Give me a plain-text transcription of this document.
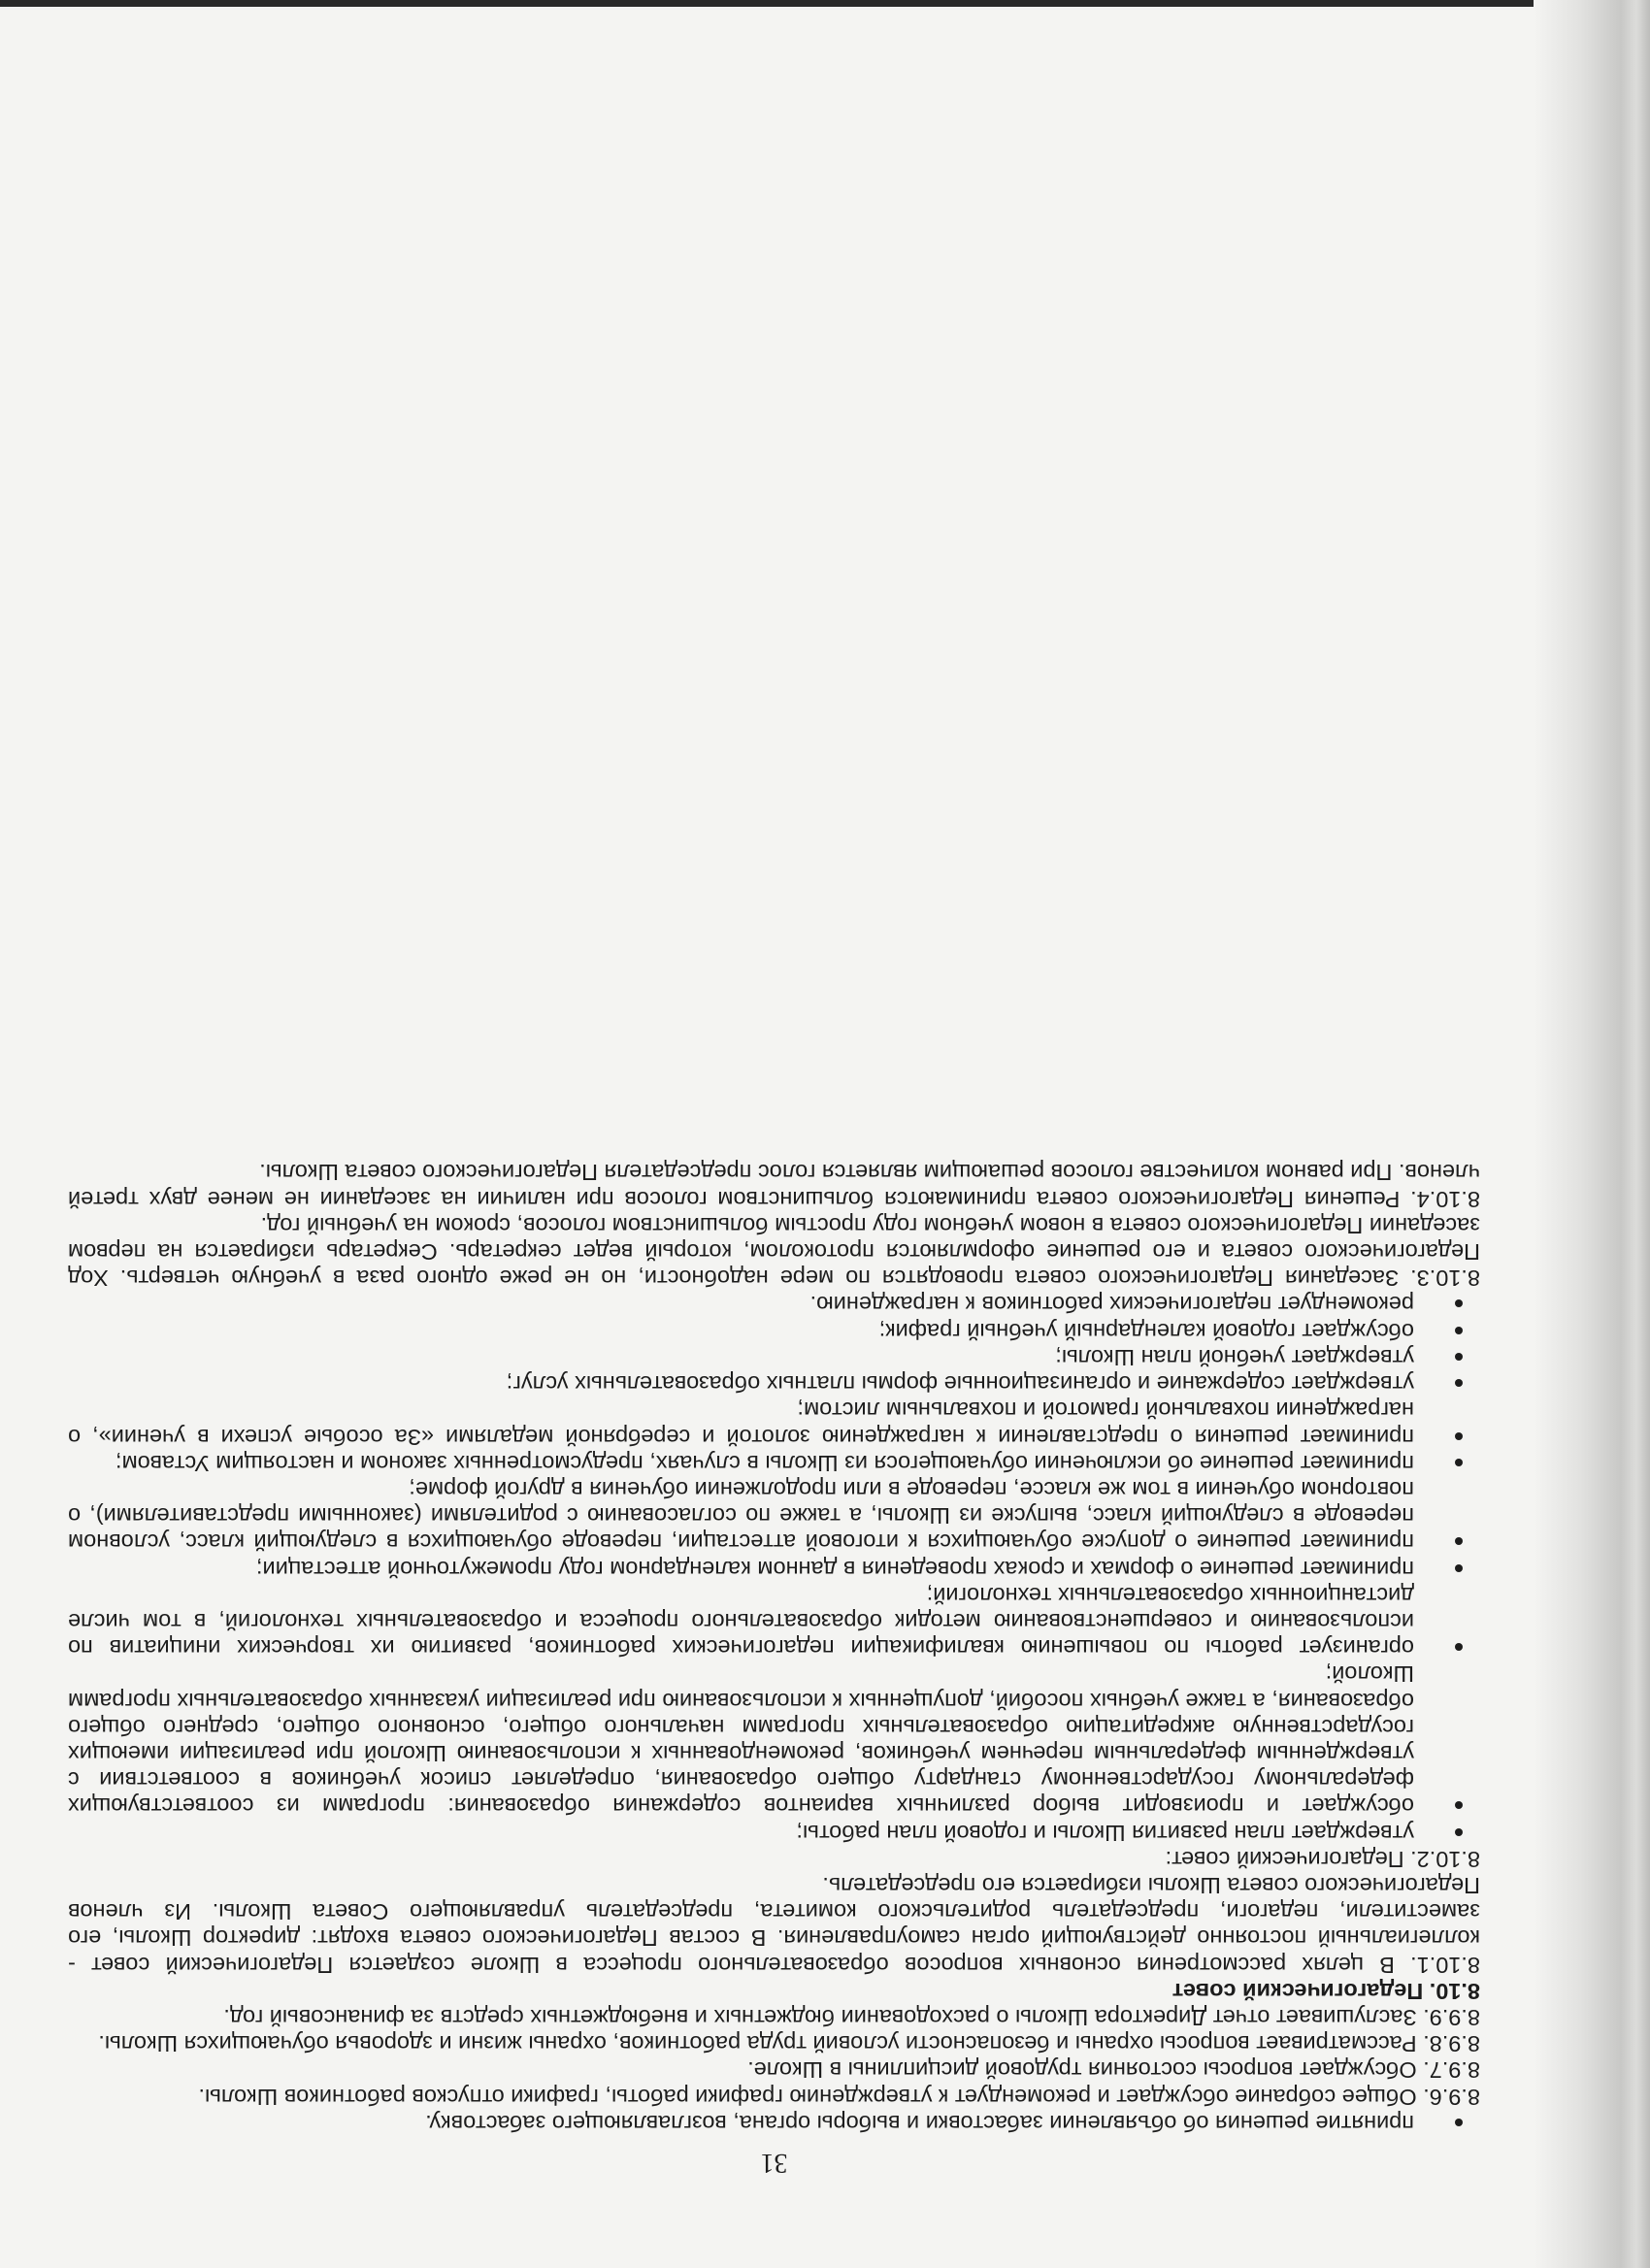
31
принятие решения об объявлении забастовки и выборы органа, возглавляющего забастовку.

8.9.6. Общее собрание обсуждает и рекомендует к утверждению графики работы, графики отпусков работников Школы.

8.9.7. Обсуждает вопросы состояния трудовой дисциплины в Школе.

8.9.8. Рассматривает вопросы охраны и безопасности условий труда работников, охраны жизни и здоровья обучающихся Школы.

8.9.9. Заслушивает отчет Директора Школы о расходовании бюджетных и внебюджетных средств за финансовый год.

8.10. Педагогический совет

8.10.1. В целях рассмотрения основных вопросов образовательного процесса в Школе создается Педагогический совет - коллегиальный постоянно действующий орган самоуправления. В состав Педагогического совета входят: директор Школы, его заместители, педагоги, председатель родительского комитета, председатель управляющего Совета Школы. Из членов Педагогического совета Школы избирается его председатель.

8.10.2. Педагогический совет:

утверждает план развития Школы и годовой план работы;
обсуждает и производит выбор различных вариантов содержания образования: программ из соответствующих федеральному государственному стандарту общего образования, определяет список учебников в соответствии с утвержденным федеральным перечнем учебников, рекомендованных к использованию Школой при реализации имеющих государственную аккредитацию образовательных программ начального общего, основного общего, среднего общего образования, а также учебных пособий, допущенных к использованию при реализации указанных образовательных программ Школой;
организует работы по повышению квалификации педагогических работников, развитию их творческих инициатив по использованию и совершенствованию методик образовательного процесса и образовательных технологий, в том числе дистанционных образовательных технологий;
принимает решение о формах и сроках проведения в данном календарном году промежуточной аттестации;
принимает решение о допуске обучающихся к итоговой аттестации, переводе обучающихся в следующий класс, условном переводе в следующий класс, выпуске из Школы, а также по согласованию с родителями (законными представителями), о повторном обучении в том же классе, переводе в или продолжении обучения в другой форме;
принимает решение об исключении обучающегося из Школы в случаях, предусмотренных законом и настоящим Уставом;
принимает решения о представлении к награждению золотой и серебряной медалями «За особые успехи в учении», о награждении похвальной грамотой и похвальным листом;
утверждает содержание и организационные формы платных образовательных услуг;
утверждает учебной план Школы;
обсуждает годовой календарный учебный график;
рекомендует педагогических работников к награждению.

8.10.3. Заседания Педагогического совета проводятся по мере надобности, но не реже одного раза в учебную четверть. Ход Педагогического совета и его решение оформляются протоколом, который ведет секретарь. Секретарь избирается на первом заседании Педагогического совета в новом учебном году простым большинством голосов, сроком на учебный год.

8.10.4. Решения Педагогического совета принимаются большинством голосов при наличии на заседании не менее двух третей членов. При равном количестве голосов решающим является голос председателя Педагогического совета Школы.
